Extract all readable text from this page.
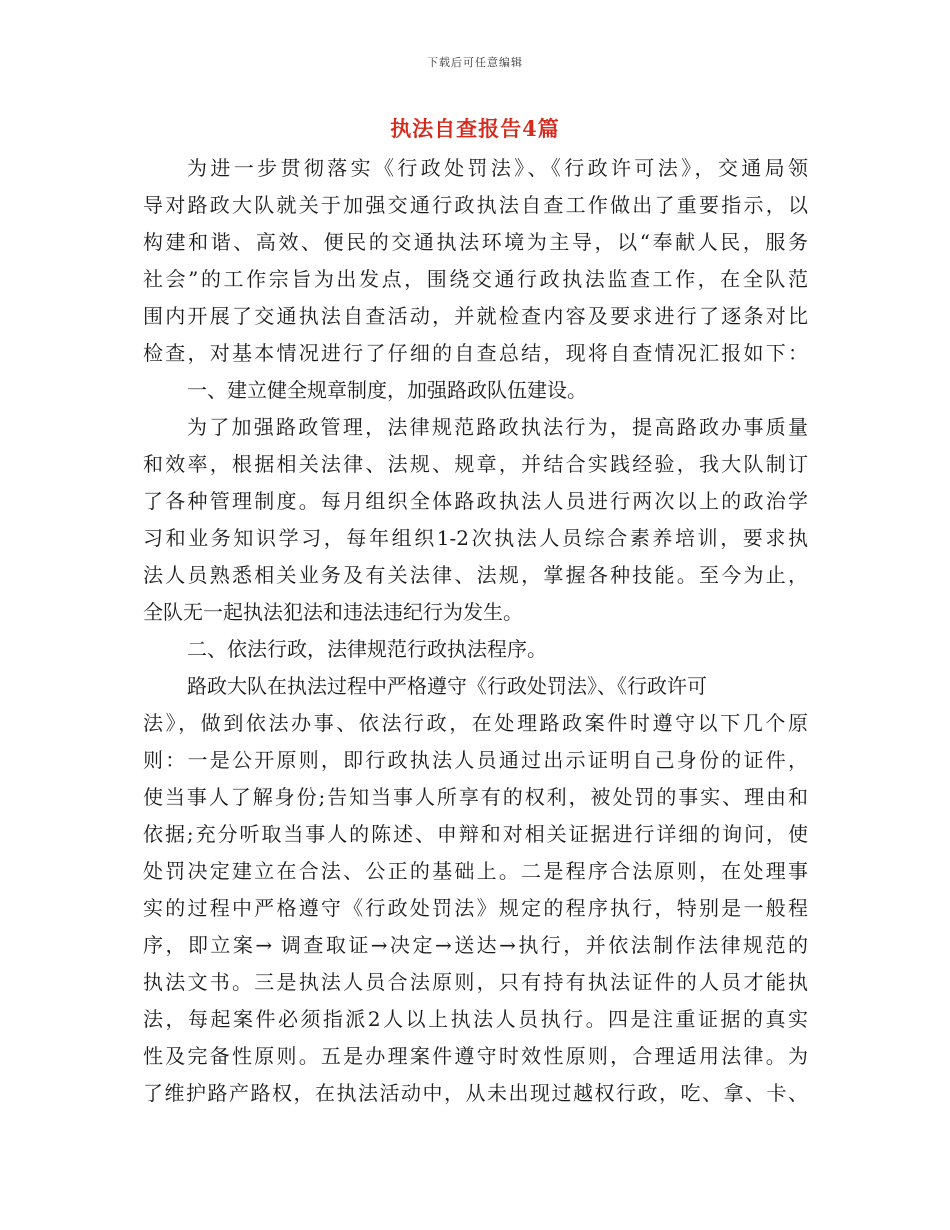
下载后可任意编辑
执法自查报告4篇
为进一步贯彻落实《行政处罚法》、《行政许可法》，交通局领
导对路政大队就关于加强交通行政执法自查工作做出了重要指示，以
构建和谐、高效、便民的交通执法环境为主导，以“奉献人民，服务
社会”的工作宗旨为出发点，围绕交通行政执法监查工作，在全队范
围内开展了交通执法自查活动，并就检查内容及要求进行了逐条对比
检查，对基本情况进行了仔细的自查总结，现将自查情况汇报如下：
一、建立健全规章制度，加强路政队伍建设。
为了加强路政管理，法律规范路政执法行为，提高路政办事质量
和效率，根据相关法律、法规、规章，并结合实践经验，我大队制订
了各种管理制度。每月组织全体路政执法人员进行两次以上的政治学
习和业务知识学习，每年组织1-2次执法人员综合素养培训，要求执
法人员熟悉相关业务及有关法律、法规，掌握各种技能。至今为止，
全队无一起执法犯法和违法违纪行为发生。
二、依法行政，法律规范行政执法程序。
路政大队在执法过程中严格遵守《行政处罚法》、《行政许可
法》，做到依法办事、依法行政，在处理路政案件时遵守以下几个原
则：一是公开原则，即行政执法人员通过出示证明自己身份的证件，
使当事人了解身份;告知当事人所享有的权利，被处罚的事实、理由和
依据;充分听取当事人的陈述、申辩和对相关证据进行详细的询问，使
处罚决定建立在合法、公正的基础上。二是程序合法原则，在处理事
实的过程中严格遵守《行政处罚法》规定的程序执行，特别是一般程
序，即立案→ 调查取证→决定→送达→执行，并依法制作法律规范的
执法文书。三是执法人员合法原则，只有持有执法证件的人员才能执
法，每起案件必须指派2人以上执法人员执行。四是注重证据的真实
性及完备性原则。五是办理案件遵守时效性原则，合理适用法律。为
了维护路产路权，在执法活动中，从未出现过越权行政，吃、拿、卡、
